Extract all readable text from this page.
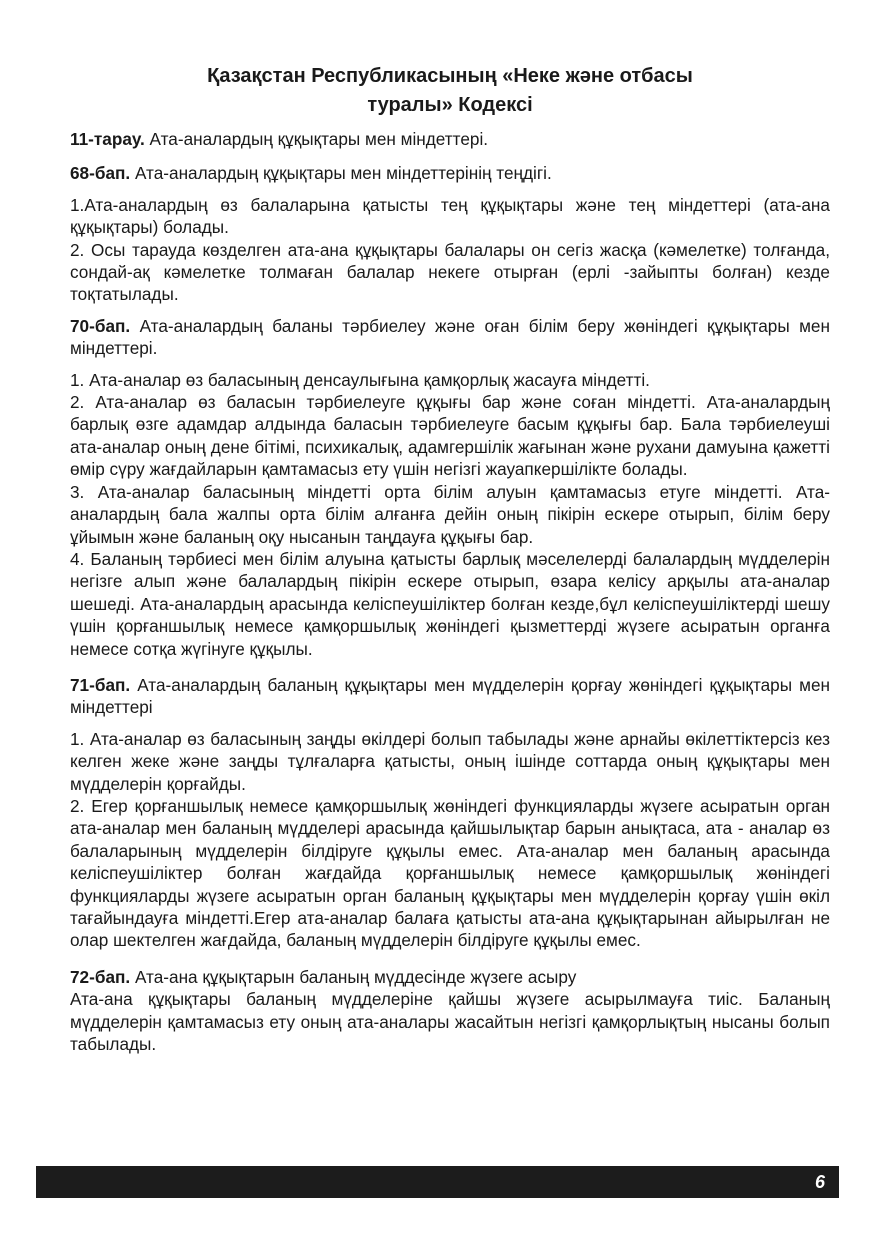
Қазақстан Республикасының «Неке және отбасы
туралы» Кодексі

11-тарау. Ата-аналардың құқықтары мен міндеттері.

68-бап. Ата-аналардың құқықтары мен міндеттерінің теңдігі.

1.Ата-аналардың өз балаларына қатысты тең құқықтары және тең міндеттері (ата-ана құқықтары) болады.

2. Осы тарауда көзделген ата-ана құқықтары балалары он сегіз жасқа (кәмелетке) толғанда, сондай-ақ кәмелетке толмаған балалар некеге отырған (ерлі -зайыпты болған) кезде тоқтатылады.

70-бап. Ата-аналардың баланы тәрбиелеу және оған білім беру жөніндегі құқықтары мен міндеттері.

1. Ата-аналар өз баласының денсаулығына қамқорлық жасауға міндетті.

2. Ата-аналар өз баласын тәрбиелеуге құқығы бар және соған міндетті. Ата-аналардың барлық өзге адамдар алдында баласын тәрбиелеуге басым құқығы бар. Бала тәрбиелеуші ата-аналар оның дене бітімі, психикалық, адамгершілік жағынан және рухани дамуына қажетті өмір сүру жағдайларын қамтамасыз ету үшін негізгі жауапкершілікте болады.

3. Ата-аналар баласының міндетті орта білім алуын қамтамасыз етуге міндетті. Ата-аналардың бала жалпы орта білім алғанға дейін оның пікірін ескере отырып, білім беру ұйымын және баланың оқу нысанын таңдауға құқығы бар.

4. Баланың тәрбиесі мен білім алуына қатысты барлық мәселелерді балалардың мүдделерін негізге алып және балалардың пікірін ескере отырып, өзара келісу арқылы ата-аналар шешеді. Ата-аналардың арасында келіспеушіліктер болған кезде,бұл келіспеушіліктерді шешу үшін қорғаншылық немесе қамқоршылық жөніндегі қызметтерді жүзеге асыратын органға немесе сотқа жүгінуге құқылы.

71-бап. Ата-аналардың баланың құқықтары мен мүдделерін қорғау жөніндегі құқықтары мен міндеттері

1. Ата-аналар өз баласының заңды өкілдері болып табылады және арнайы өкілеттіктерсіз кез келген жеке және заңды тұлғаларға қатысты, оның ішінде соттарда оның құқықтары мен мүдделерін қорғайды.

2. Егер қорғаншылық немесе қамқоршылық жөніндегі функцияларды жүзеге асыратын орган ата-аналар мен баланың мүдделері арасында қайшылықтар барын анықтаса, ата - аналар өз балаларының мүдделерін білдіруге құқылы емес. Ата-аналар мен баланың арасында келіспеушіліктер болған жағдайда қорғаншылық немесе қамқоршылық жөніндегі функцияларды жүзеге асыратын орган баланың құқықтары мен мүдделерін қорғау үшін өкіл тағайындауға міндетті.Егер ата-аналар балаға қатысты ата-ана құқықтарынан айырылған не олар шектелген жағдайда, баланың мүдделерін білдіруге құқылы емес.

72-бап. Ата-ана құқықтарын баланың мүддесінде жүзеге асыру

Ата-ана құқықтары баланың мүдделеріне қайшы жүзеге асырылмауға тиіс. Баланың мүдделерін қамтамасыз ету оның ата-аналары жасайтын негізгі қамқорлықтың нысаны болып табылады.

6
